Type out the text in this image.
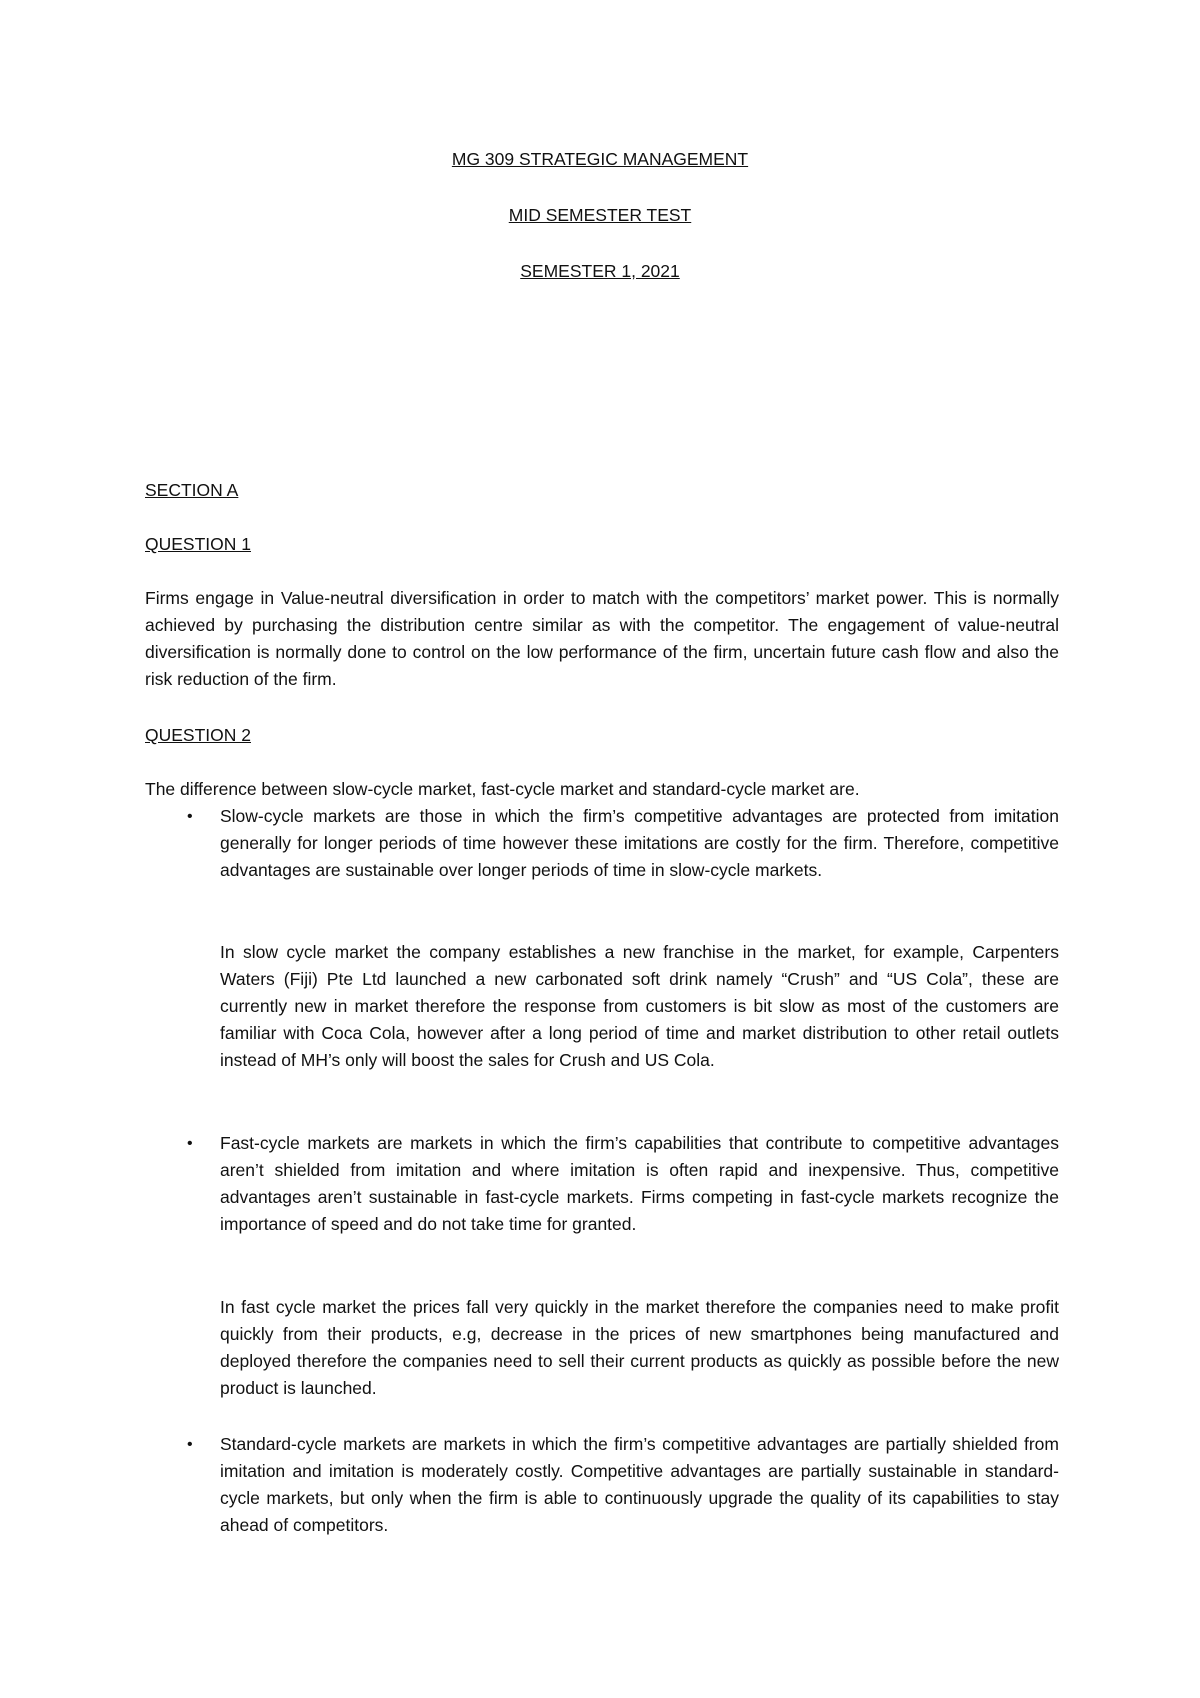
MG 309 STRATEGIC MANAGEMENT
MID SEMESTER TEST
SEMESTER 1, 2021
SECTION A
QUESTION 1
Firms engage in Value-neutral diversification in order to match with the competitors’ market power. This is normally achieved by purchasing the distribution centre similar as with the competitor. The engagement of value-neutral diversification is normally done to control on the low performance of the firm, uncertain future cash flow and also the risk reduction of the firm.
QUESTION 2
The difference between slow-cycle market, fast-cycle market and standard-cycle market are.
• Slow-cycle markets are those in which the firm’s competitive advantages are protected from imitation generally for longer periods of time however these imitations are costly for the firm. Therefore, competitive advantages are sustainable over longer periods of time in slow-cycle markets.
In slow cycle market the company establishes a new franchise in the market, for example, Carpenters Waters (Fiji) Pte Ltd launched a new carbonated soft drink namely “Crush” and “US Cola”, these are currently new in market therefore the response from customers is bit slow as most of the customers are familiar with Coca Cola, however after a long period of time and market distribution to other retail outlets instead of MH’s only will boost the sales for Crush and US Cola.
• Fast-cycle markets are markets in which the firm’s capabilities that contribute to competitive advantages aren’t shielded from imitation and where imitation is often rapid and inexpensive. Thus, competitive advantages aren’t sustainable in fast-cycle markets. Firms competing in fast-cycle markets recognize the importance of speed and do not take time for granted.
In fast cycle market the prices fall very quickly in the market therefore the companies need to make profit quickly from their products, e.g, decrease in the prices of new smartphones being manufactured and deployed therefore the companies need to sell their current products as quickly as possible before the new product is launched.
• Standard-cycle markets are markets in which the firm’s competitive advantages are partially shielded from imitation and imitation is moderately costly. Competitive advantages are partially sustainable in standard-cycle markets, but only when the firm is able to continuously upgrade the quality of its capabilities to stay ahead of competitors.
